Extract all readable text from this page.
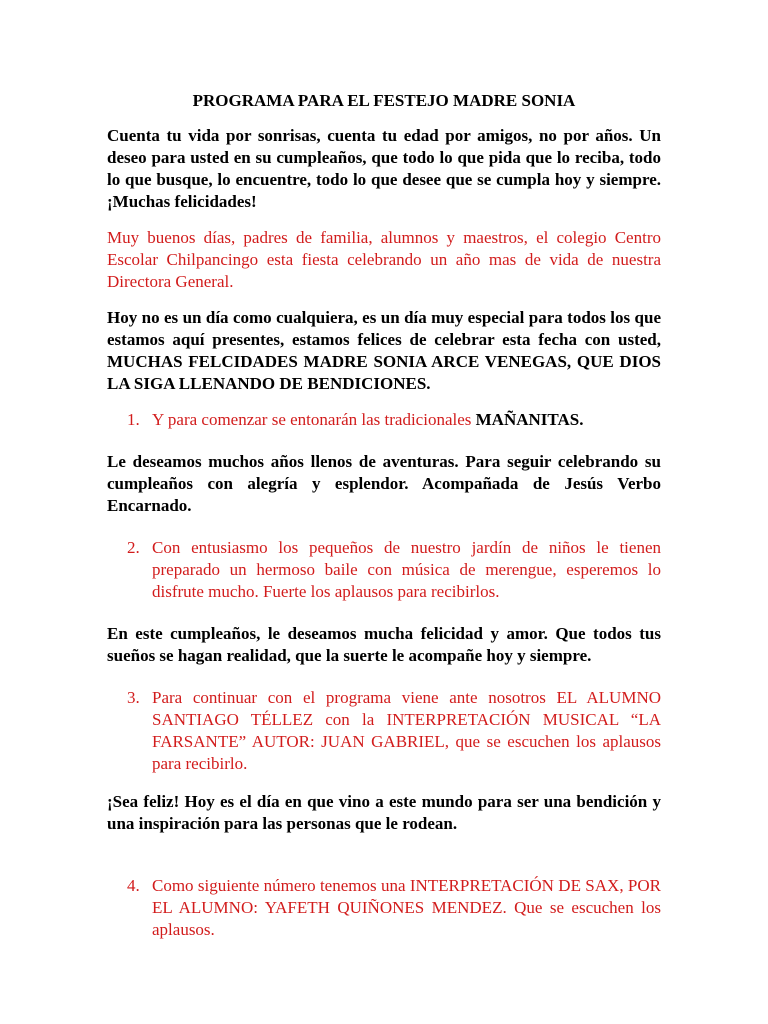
PROGRAMA PARA EL FESTEJO MADRE SONIA

Cuenta tu vida por sonrisas, cuenta tu edad por amigos, no por años. Un deseo para usted en su cumpleaños, que todo lo que pida que lo reciba, todo lo que busque, lo encuentre, todo lo que desee que se cumpla hoy y siempre. ¡Muchas felicidades!

Muy buenos días, padres de familia, alumnos y maestros, el colegio Centro Escolar Chilpancingo esta fiesta celebrando un año mas de vida de nuestra Directora General.

Hoy no es un día como cualquiera, es un día muy especial para todos los que estamos aquí presentes, estamos felices de celebrar esta fecha con usted, MUCHAS FELCIDADES MADRE SONIA ARCE VENEGAS, QUE DIOS LA SIGA LLENANDO DE BENDICIONES.

1. Y para comenzar se entonarán las tradicionales MAÑANITAS.

Le deseamos muchos años llenos de aventuras. Para seguir celebrando su cumpleaños con alegría y esplendor. Acompañada de Jesús Verbo Encarnado.

2. Con entusiasmo los pequeños de nuestro jardín de niños le tienen preparado un hermoso baile con música de merengue, esperemos lo disfrute mucho. Fuerte los aplausos para recibirlos.

En este cumpleaños, le deseamos mucha felicidad y amor. Que todos tus sueños se hagan realidad, que la suerte le acompañe hoy y siempre.

3. Para continuar con el programa viene ante nosotros EL ALUMNO SANTIAGO TÉLLEZ con la INTERPRETACIÓN MUSICAL “LA FARSANTE” AUTOR: JUAN GABRIEL, que se escuchen los aplausos para recibirlo.

¡Sea feliz! Hoy es el día en que vino a este mundo para ser una bendición y una inspiración para las personas que le rodean.

4. Como siguiente número tenemos una INTERPRETACIÓN DE SAX, POR EL ALUMNO: YAFETH QUIÑONES MENDEZ. Que se escuchen los aplausos.
